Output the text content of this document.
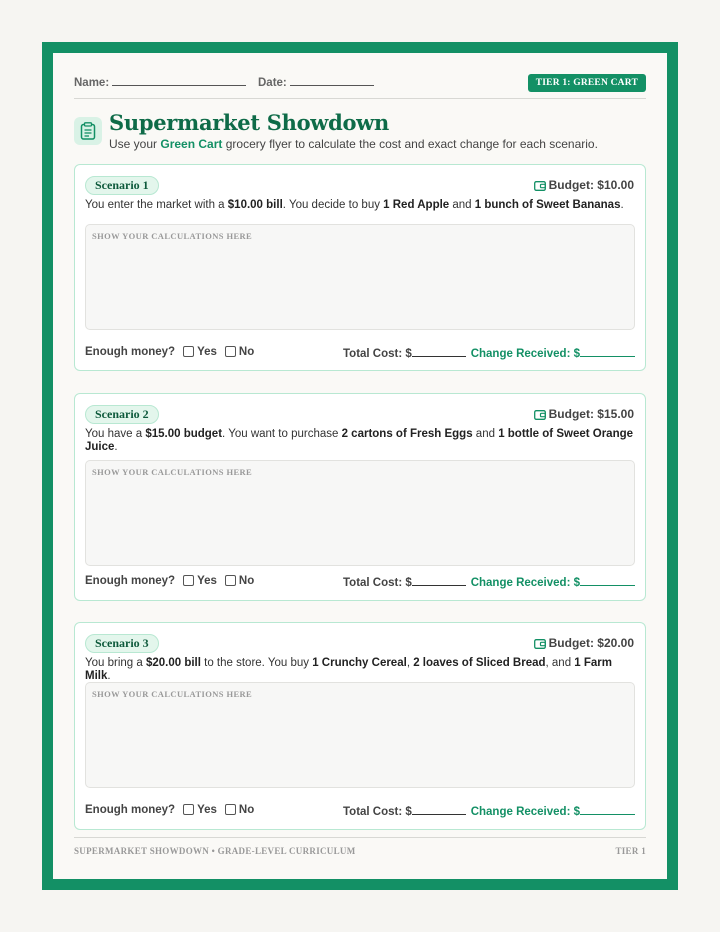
Name:	Date:	TIER 1: GREEN CART
Supermarket Showdown
Use your Green Cart grocery flyer to calculate the cost and exact change for each scenario.
Scenario 1	Budget: $10.00
You enter the market with a $10.00 bill. You decide to buy 1 Red Apple and 1 bunch of Sweet Bananas.
SHOW YOUR CALCULATIONS HERE
Enough money? Yes No	Total Cost: $	Change Received: $
Scenario 2	Budget: $15.00
You have a $15.00 budget. You want to purchase 2 cartons of Fresh Eggs and 1 bottle of Sweet Orange Juice.
SHOW YOUR CALCULATIONS HERE
Enough money? Yes No	Total Cost: $	Change Received: $
Scenario 3	Budget: $20.00
You bring a $20.00 bill to the store. You buy 1 Crunchy Cereal, 2 loaves of Sliced Bread, and 1 Farm Milk.
SHOW YOUR CALCULATIONS HERE
Enough money? Yes No	Total Cost: $	Change Received: $
SUPERMARKET SHOWDOWN • GRADE-LEVEL CURRICULUM	TIER 1
